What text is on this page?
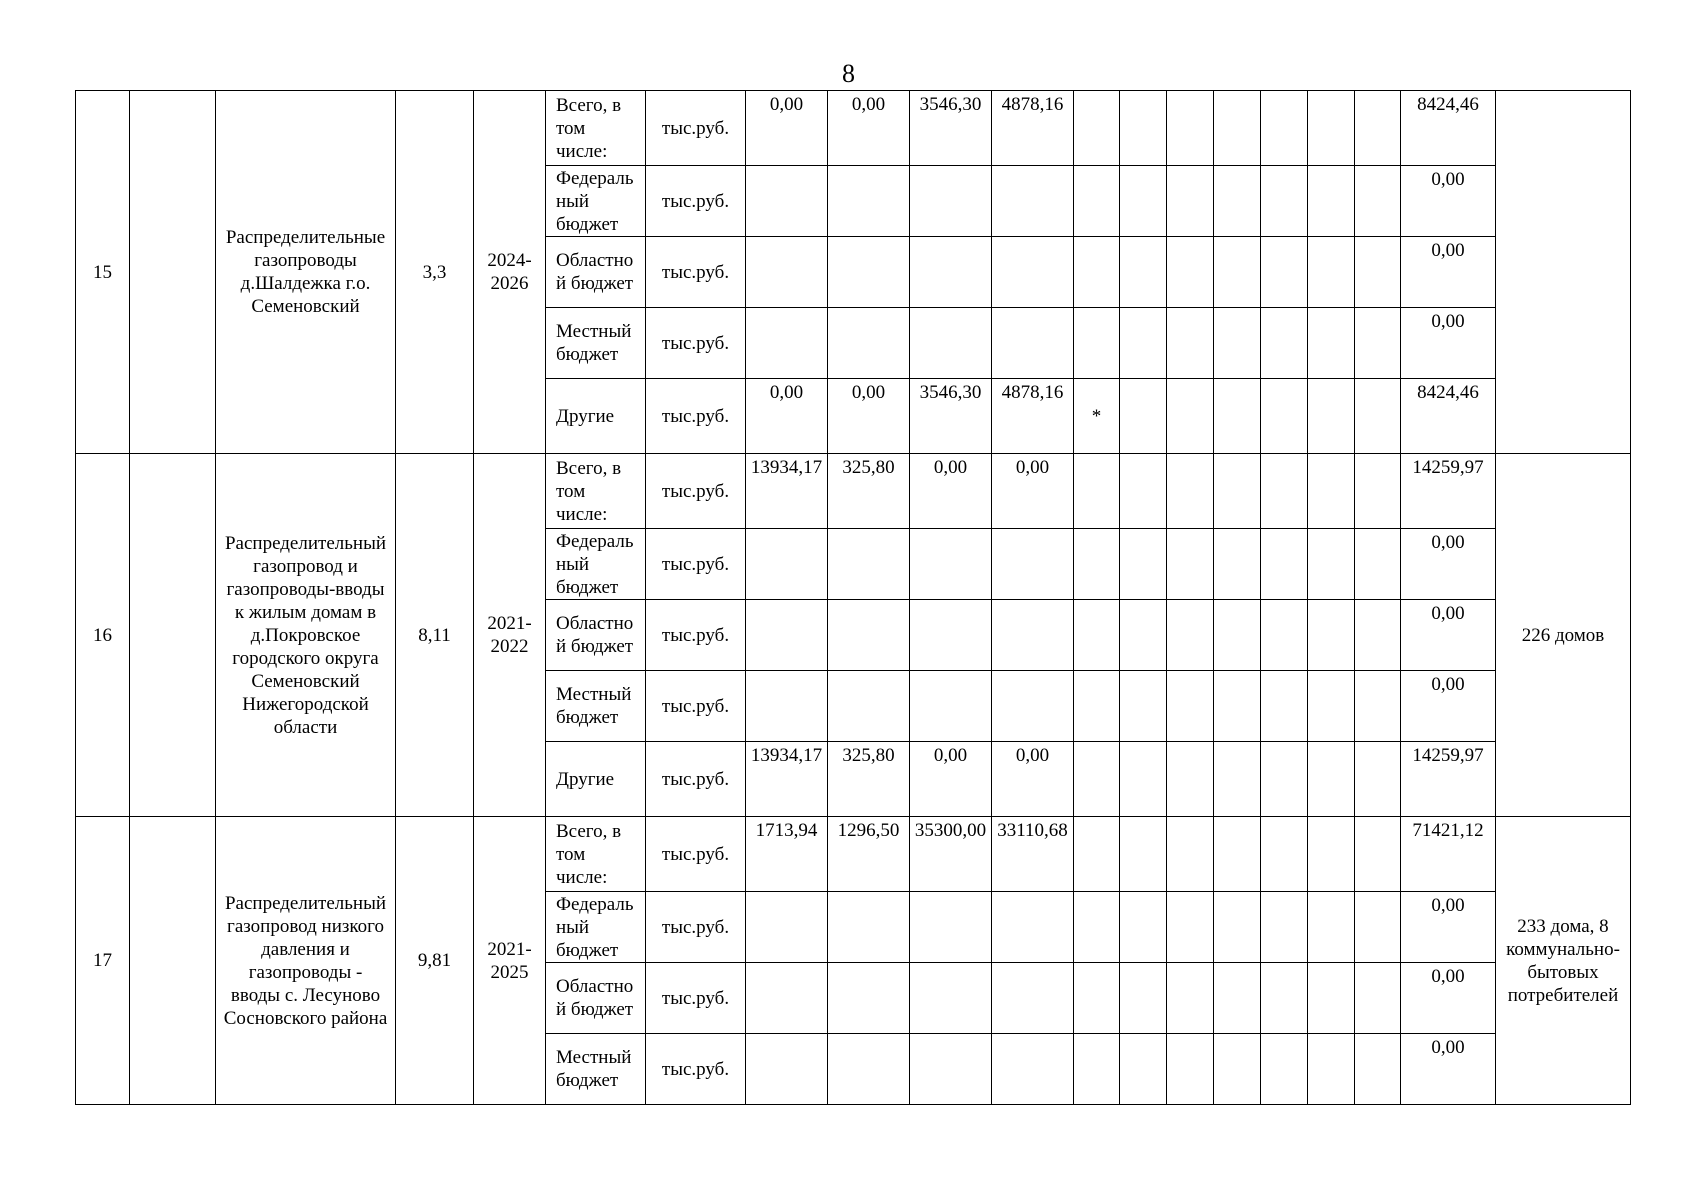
8
15		Распределительные газопроводы д.Шалдежка г.о. Семеновский	3,3	2024-2026	Всего, в том числе:	тыс.руб.	0,00	0,00	3546,30	4878,16								8424,46	
					Федеральный бюджет	тыс.руб.												0,00	
					Областной бюджет	тыс.руб.												0,00	
					Местный бюджет	тыс.руб.												0,00	
					Другие	тыс.руб.	0,00	0,00	3546,30	4878,16	*							8424,46	
16		Распределительный газопровод и газопроводы-вводы к жилым домам в д.Покровское городского округа Семеновский Нижегородской области	8,11	2021-2022	Всего, в том числе:	тыс.руб.	13934,17	325,80	0,00	0,00								14259,97	226 домов
					Федеральный бюджет	тыс.руб.												0,00	
					Областной бюджет	тыс.руб.												0,00	
					Местный бюджет	тыс.руб.												0,00	
					Другие	тыс.руб.	13934,17	325,80	0,00	0,00								14259,97	
17		Распределительный газопровод низкого давления и газопроводы - вводы с. Лесуново Сосновского района	9,81	2021-2025	Всего, в том числе:	тыс.руб.	1713,94	1296,50	35300,00	33110,68								71421,12	233 дома, 8 коммунально-бытовых потребителей
					Федеральный бюджет	тыс.руб.												0,00	
					Областной бюджет	тыс.руб.												0,00	
					Местный бюджет	тыс.руб.												0,00	
